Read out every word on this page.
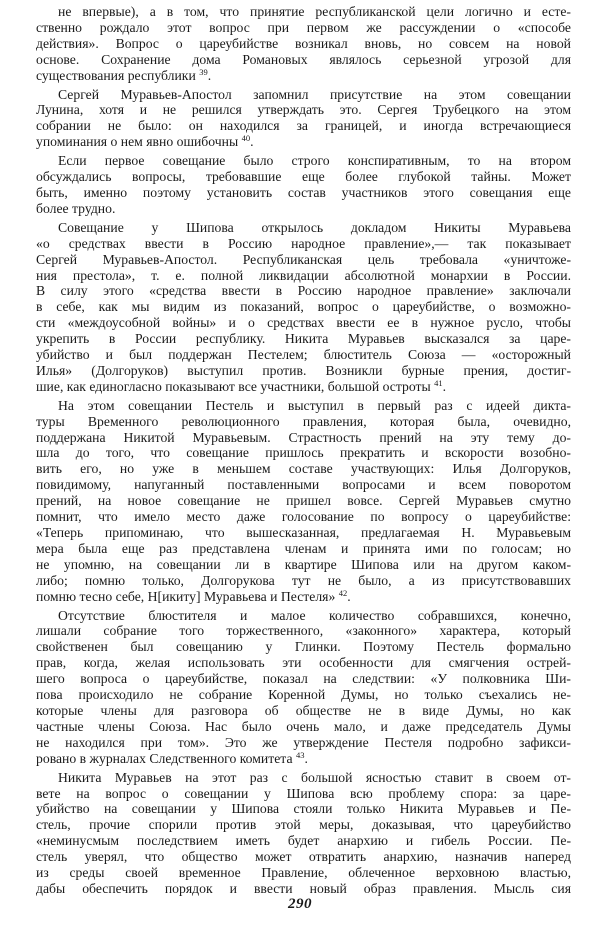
не впервые), а в том, что принятие республиканской цели логично и есте-
ственно рождало этот вопрос при первом же рассуждении о «способе
действия». Вопрос о цареубийстве возникал вновь, но совсем на новой
основе. Сохранение дома Романовых являлось серьезной угрозой для
существования республики $^{39}$.
Сергей Муравьев-Апостол запомнил присутствие на этом совещании
Лунина, хотя и не решился утверждать это. Сергея Трубецкого на этом
собрании не было: он находился за границей, и иногда встречающиеся
упоминания о нем явно ошибочны $^{40}$.
Если первое совещание было строго конспиративным, то на втором
обсуждались вопросы, требовавшие еще более глубокой тайны. Может
быть, именно поэтому установить состав участников этого совещания еще
более трудно.
Совещание у Шипова открылось докладом Никиты Муравьева
«о средствах ввести в Россию народное правление»,— так показывает
Сергей Муравьев-Апостол. Республиканская цель требовала «уничтоже-
ния престола», т. е. полной ликвидации абсолютной монархии в России.
В силу этого «средства ввести в Россию народное правление» заключали
в себе, как мы видим из показаний, вопрос о цареубийстве, о возможно-
сти «междоусобной войны» и о средствах ввести ее в нужное русло, чтобы
укрепить в России республику. Никита Муравьев высказался за царе-
убийство и был поддержан Пестелем; блюститель Союза — «осторожный
Илья» (Долгоруков) выступил против. Возникли бурные прения, достиг-
шие, как единогласно показывают все участники, большой остроты $^{41}$.
На этом совещании Пестель и выступил в первый раз с идеей дикта-
туры Временного революционного правления, которая была, очевидно,
поддержана Никитой Муравьевым. Страстность прений на эту тему до-
шла до того, что совещание пришлось прекратить и вскорости возобно-
вить его, но уже в меньшем составе участвующих: Илья Долгоруков,
повидимому, напуганный поставленными вопросами и всем поворотом
прений, на новое совещание не пришел вовсе. Сергей Муравьев смутно
помнит, что имело место даже голосование по вопросу о цареубийстве:
«Теперь припоминаю, что вышесказанная, предлагаемая Н. Муравьевым
мера была еще раз представлена членам и принята ими по голосам; но
не упомню, на совещании ли в квартире Шипова или на другом каком-
либо; помню только, Долгорукова тут не было, а из присутствовавших
помню тесно себе, Н[икиту] Муравьева и Пестеля» $^{42}$.
Отсутствие блюстителя и малое количество собравшихся, конечно,
лишали собрание того торжественного, «законного» характера, который
свойственен был совещанию у Глинки. Поэтому Пестель формально
прав, когда, желая использовать эти особенности для смягчения острей-
шего вопроса о цареубийстве, показал на следствии: «У полковника Ши-
пова происходило не собрание Коренной Думы, но только съехались не-
которые члены для разговора об обществе не в виде Думы, но как
частные члены Союза. Нас было очень мало, и даже председатель Думы
не находился при том». Это же утверждение Пестеля подробно зафикси-
ровано в журналах Следственного комитета $^{43}$.
Никита Муравьев на этот раз с большой ясностью ставит в своем от-
вете на вопрос о совещании у Шипова всю проблему спора: за царе-
убийство на совещании у Шипова стояли только Никита Муравьев и Пе-
стель, прочие спорили против этой меры, доказывая, что цареубийство
«неминусмым последствием иметь будет анархию и гибель России. Пе-
стель уверял, что общество может отвратить анархию, назначив наперед
из среды своей временное Правление, облеченное верховною властью,
дабы обеспечить порядок и ввести новый образ правления. Мысль сия
290
